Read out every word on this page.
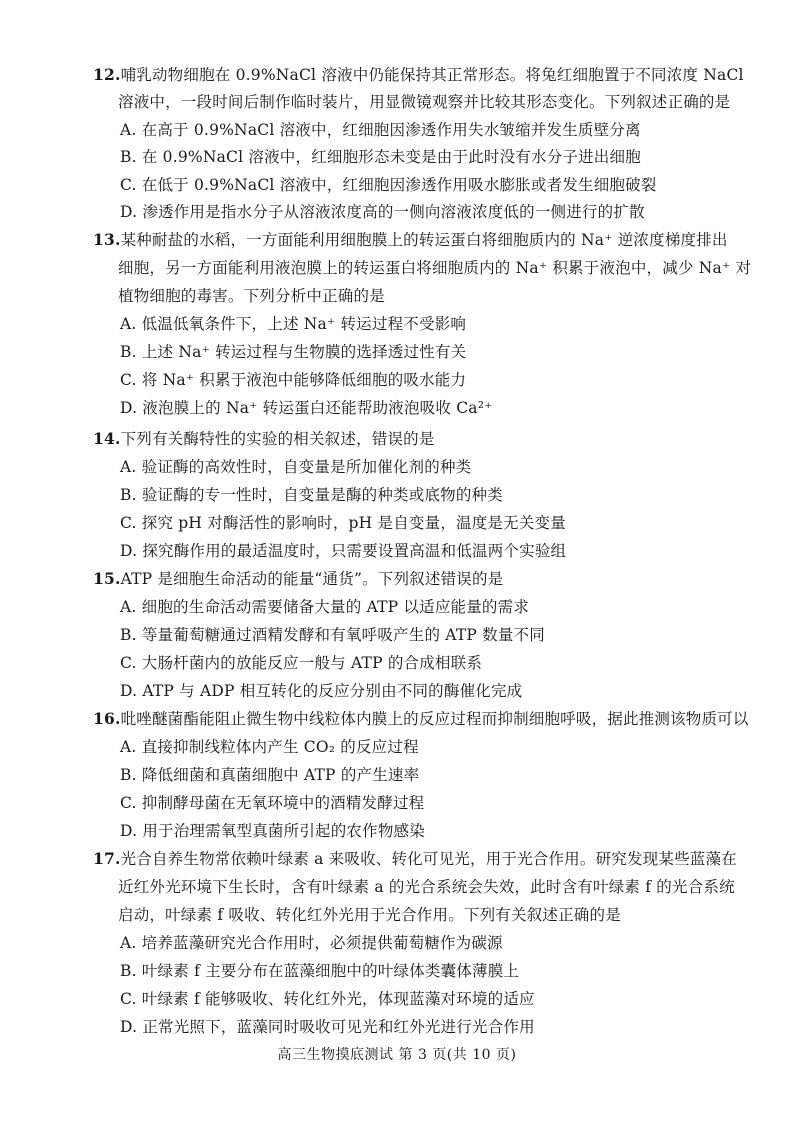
12.哺乳动物细胞在 0.9%NaCl 溶液中仍能保持其正常形态。将兔红细胞置于不同浓度 NaCl
溶液中，一段时间后制作临时装片，用显微镜观察并比较其形态变化。下列叙述正确的是
A. 在高于 0.9%NaCl 溶液中，红细胞因渗透作用失水皱缩并发生质壁分离
B. 在 0.9%NaCl 溶液中，红细胞形态未变是由于此时没有水分子进出细胞
C. 在低于 0.9%NaCl 溶液中，红细胞因渗透作用吸水膨胀或者发生细胞破裂
D. 渗透作用是指水分子从溶液浓度高的一侧向溶液浓度低的一侧进行的扩散
13.某种耐盐的水稻，一方面能利用细胞膜上的转运蛋白将细胞质内的 Na⁺ 逆浓度梯度排出
细胞，另一方面能利用液泡膜上的转运蛋白将细胞质内的 Na⁺ 积累于液泡中，减少 Na⁺ 对
植物细胞的毒害。下列分析中正确的是
A. 低温低氧条件下，上述 Na⁺ 转运过程不受影响
B. 上述 Na⁺ 转运过程与生物膜的选择透过性有关
C. 将 Na⁺ 积累于液泡中能够降低细胞的吸水能力
D. 液泡膜上的 Na⁺ 转运蛋白还能帮助液泡吸收 Ca²⁺
14.下列有关酶特性的实验的相关叙述，错误的是
A. 验证酶的高效性时，自变量是所加催化剂的种类
B. 验证酶的专一性时，自变量是酶的种类或底物的种类
C. 探究 pH 对酶活性的影响时，pH 是自变量，温度是无关变量
D. 探究酶作用的最适温度时，只需要设置高温和低温两个实验组
15.ATP 是细胞生命活动的能量“通货”。下列叙述错误的是
A. 细胞的生命活动需要储备大量的 ATP 以适应能量的需求
B. 等量葡萄糖通过酒精发酵和有氧呼吸产生的 ATP 数量不同
C. 大肠杆菌内的放能反应一般与 ATP 的合成相联系
D. ATP 与 ADP 相互转化的反应分别由不同的酶催化完成
16.吡唑醚菌酯能阻止微生物中线粒体内膜上的反应过程而抑制细胞呼吸，据此推测该物质可以
A. 直接抑制线粒体内产生 CO₂ 的反应过程
B. 降低细菌和真菌细胞中 ATP 的产生速率
C. 抑制酵母菌在无氧环境中的酒精发酵过程
D. 用于治理需氧型真菌所引起的农作物感染
17.光合自养生物常依赖叶绿素 a 来吸收、转化可见光，用于光合作用。研究发现某些蓝藻在
近红外光环境下生长时，含有叶绿素 a 的光合系统会失效，此时含有叶绿素 f 的光合系统
启动，叶绿素 f 吸收、转化红外光用于光合作用。下列有关叙述正确的是
A. 培养蓝藻研究光合作用时，必须提供葡萄糖作为碳源
B. 叶绿素 f 主要分布在蓝藻细胞中的叶绿体类囊体薄膜上
C. 叶绿素 f 能够吸收、转化红外光，体现蓝藻对环境的适应
D. 正常光照下，蓝藻同时吸收可见光和红外光进行光合作用
高三生物摸底测试 第 3 页(共 10 页)
